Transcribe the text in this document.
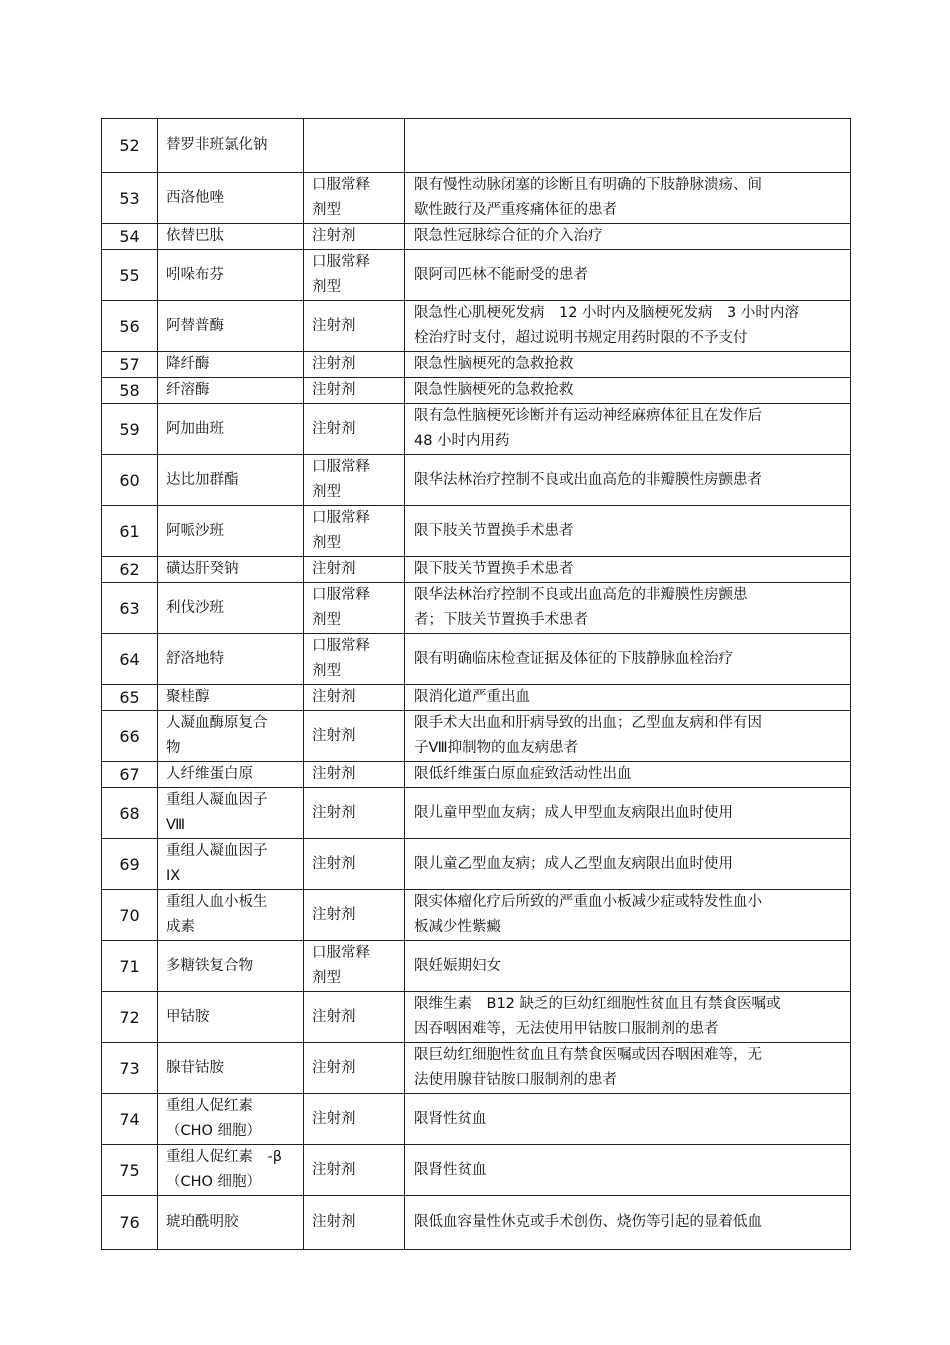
52	替罗非班氯化钠		

53	西洛他唑	口服常释
剂型	限有慢性动脉闭塞的诊断且有明确的下肢静脉溃疡、间
歇性跛行及严重疼痛体征的患者

54	依替巴肽	注射剂	限急性冠脉综合征的介入治疗

55	吲哚布芬	口服常释
剂型	限阿司匹林不能耐受的患者

56	阿替普酶	注射剂	限急性心肌梗死发病　12 小时内及脑梗死发病　3 小时内溶
栓治疗时支付，超过说明书规定用药时限的不予支付

57	降纤酶	注射剂	限急性脑梗死的急救抢救

58	纤溶酶	注射剂	限急性脑梗死的急救抢救

59	阿加曲班	注射剂	限有急性脑梗死诊断并有运动神经麻痹体征且在发作后
48 小时内用药

60	达比加群酯	口服常释
剂型	限华法林治疗控制不良或出血高危的非瓣膜性房颤患者

61	阿哌沙班	口服常释
剂型	限下肢关节置换手术患者

62	磺达肝癸钠	注射剂	限下肢关节置换手术患者

63	利伐沙班	口服常释
剂型	限华法林治疗控制不良或出血高危的非瓣膜性房颤患
者；下肢关节置换手术患者

64	舒洛地特	口服常释
剂型	限有明确临床检查证据及体征的下肢静脉血栓治疗

65	聚桂醇	注射剂	限消化道严重出血

66	人凝血酶原复合
物	注射剂	限手术大出血和肝病导致的出血；乙型血友病和伴有因
子Ⅷ抑制物的血友病患者

67	人纤维蛋白原	注射剂	限低纤维蛋白原血症致活动性出血

68	重组人凝血因子
Ⅷ	注射剂	限儿童甲型血友病；成人甲型血友病限出血时使用

69	重组人凝血因子
IX	注射剂	限儿童乙型血友病；成人乙型血友病限出血时使用

70	重组人血小板生
成素	注射剂	限实体瘤化疗后所致的严重血小板减少症或特发性血小
板减少性紫癜

71	多糖铁复合物	口服常释
剂型	限妊娠期妇女

72	甲钴胺	注射剂	限维生素　B12 缺乏的巨幼红细胞性贫血且有禁食医嘱或
因吞咽困难等，无法使用甲钴胺口服制剂的患者

73	腺苷钴胺	注射剂	限巨幼红细胞性贫血且有禁食医嘱或因吞咽困难等，无
法使用腺苷钴胺口服制剂的患者

74	重组人促红素
（CHO 细胞）	注射剂	限肾性贫血

75	重组人促红素　-β
（CHO 细胞）	注射剂	限肾性贫血

76	琥珀酰明胶	注射剂	限低血容量性休克或手术创伤、烧伤等引起的显着低血
